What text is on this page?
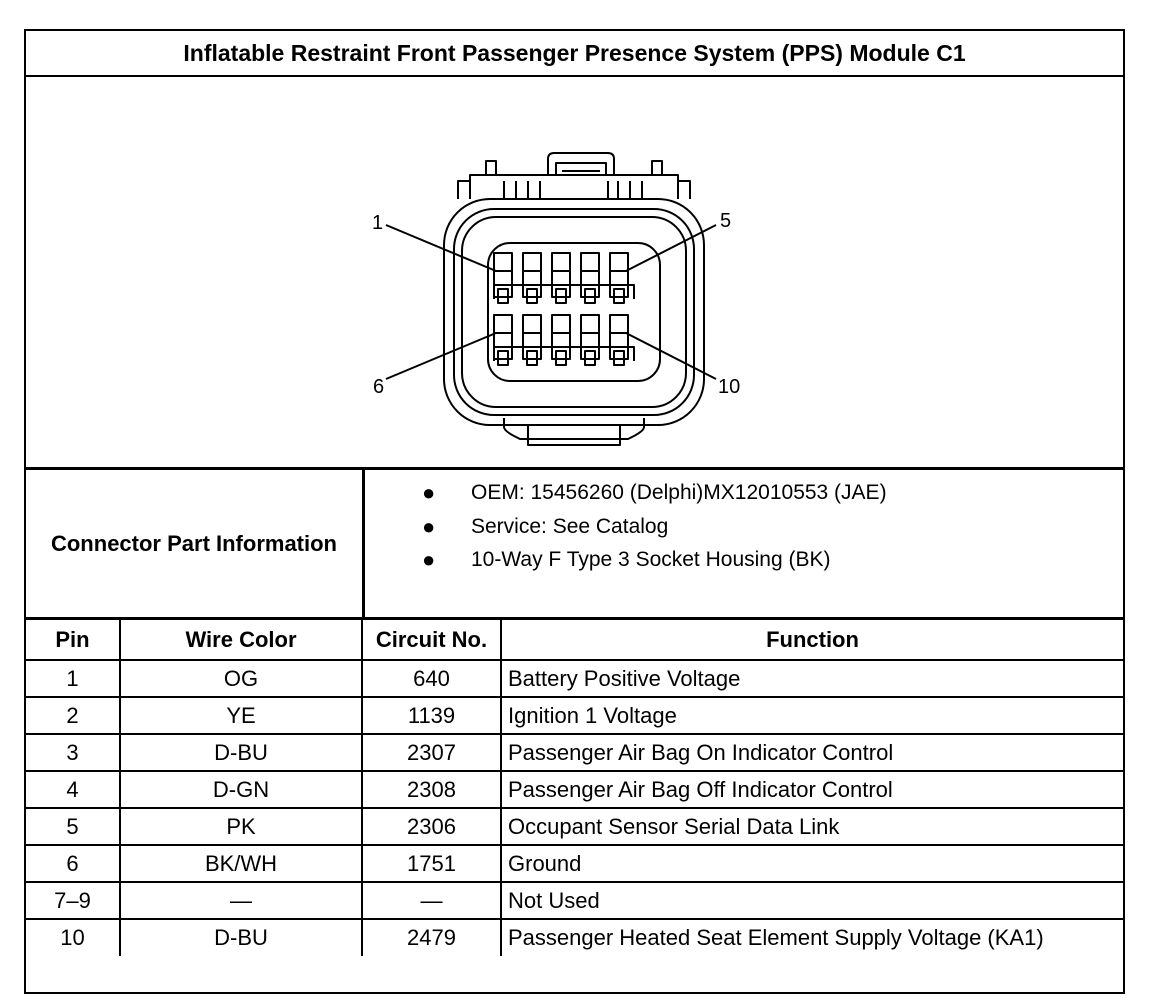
Inflatable Restraint Front Passenger Presence System (PPS) Module C1
1	5
6	10
Connector Part Information
● OEM: 15456260 (Delphi)MX12010553 (JAE)
● Service: See Catalog
● 10-Way F Type 3 Socket Housing (BK)
Pin	Wire Color	Circuit No.	Function
1	OG	640	Battery Positive Voltage
2	YE	1139	Ignition 1 Voltage
3	D-BU	2307	Passenger Air Bag On Indicator Control
4	D-GN	2308	Passenger Air Bag Off Indicator Control
5	PK	2306	Occupant Sensor Serial Data Link
6	BK/WH	1751	Ground
7–9	—	—	Not Used
10	D-BU	2479	Passenger Heated Seat Element Supply Voltage (KA1)
